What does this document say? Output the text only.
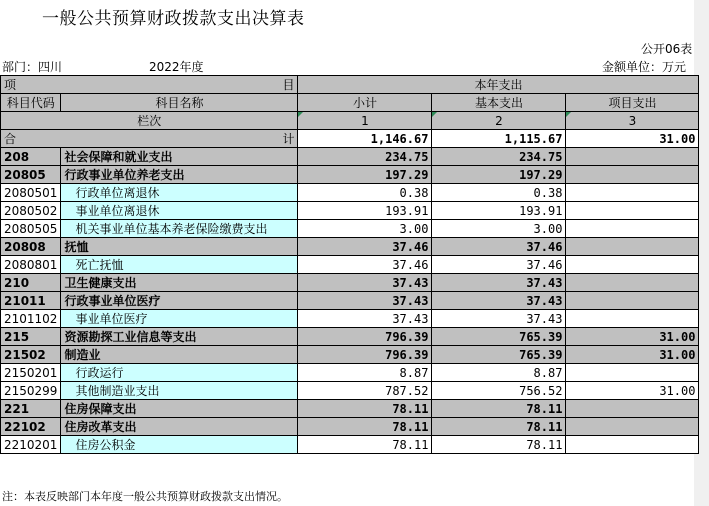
一般公共预算财政拨款支出决算表
公开06表
部门：四川	2022年度	金额单位：万元
项 目		本年支出		
科目代码	科目名称	小计	基本支出	项目支出
栏次		1	2	3
合 计		1,146.67	1,115.67	31.00
208	社会保障和就业支出	234.75	234.75	
20805	行政事业单位养老支出	197.29	197.29	
2080501	行政单位离退休	0.38	0.38	
2080502	事业单位离退休	193.91	193.91	
2080505	机关事业单位基本养老保险缴费支出	3.00	3.00	
20808	抚恤	37.46	37.46	
2080801	死亡抚恤	37.46	37.46	
210	卫生健康支出	37.43	37.43	
21011	行政事业单位医疗	37.43	37.43	
2101102	事业单位医疗	37.43	37.43	
215	资源勘探工业信息等支出	796.39	765.39	31.00
21502	制造业	796.39	765.39	31.00
2150201	行政运行	8.87	8.87	
2150299	其他制造业支出	787.52	756.52	31.00
221	住房保障支出	78.11	78.11	
22102	住房改革支出	78.11	78.11	
2210201	住房公积金	78.11	78.11	
注：本表反映部门本年度一般公共预算财政拨款支出情况。
